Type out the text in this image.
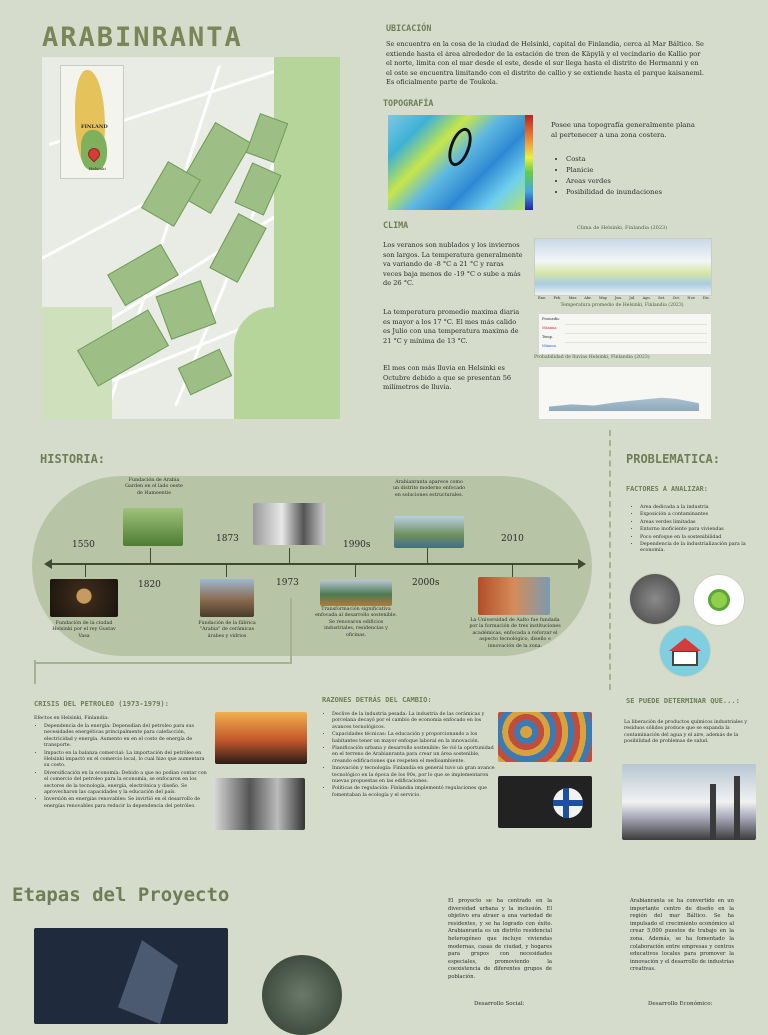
ARABINRANTA
FINLAND
Helsinki
UBICACIÓN
Se encuentra en la cosa de la ciudad de Helsinki, capital de Finlandia, cerca al Mar Báltico. Se extiende hasta el área alrededor de la estación de tren de Käpylä y el vecindario de Kallio por el norte, limita con el mar desde el este, desde el sur llega hasta el distrito de Hermanni y en el oste se encuentra limitando con el distrito de callio y se extiende hasta el parque kaisaneml. Es oficialmente parte de Toukola.
TOPOGRAFÍA
Posee una topografía generalmente plana al pertenecer a una zona costera.
• Costa
• Planicie
• Areas verdes
• Posibilidad de inundaciones
CLIMA
Los veranos son nublados y los inviernos son largos. La temperatura generalmente va variando de -8 °C a 21 °C y raras veces baja menos de -19 °C o sube a más de 26 °C.
La temperatura promedio maxima diaria es mayor a los 17 °C. El mes más calido es Julio con una temperatura maxima de 21 °C y mínima de 13 °C.
El mes con más lluvia en Helsinki es Octubre debido a que se presentan 56 milímetros de lluvia.
Clima de Helsinki, Finlandia (2023)
Ene. Feb. Mar. Abr. May. Jun. Jul. Ago. Set. Oct. Nov. Dic.
Temperatura promedio de Helsinki, Finlandia (2023)
Promedio
Máxima
Temp.
Mínima
Probabilidad de lluvias Helsinki, Finlandia (2023)
HISTORIA:
1550
1820
1873
1973
1990s
2000s
2010
Fundación de Arabia Garden en el lado oeste de Hameentie
Arabianranta aparece como un distrito moderno enfocado en soluciones estructurales.
Fundación de la ciudad Helsinki por el rey Gustav Vasa
Fundación de la fábrica "Arabia" de cerámicas árabes y vidrios
Transformación significativa enfocada al desarrollo sostenible. Se renovaron edificios industriales, residencias y oficinas.
La Universidad de Aalto fue fundada por la formación de tres instituciones académicas, enfocada a reforzar el aspecto tecnológico, diseño e innovación de la zona.
PROBLEMATICA:
FACTORES A ANALIZAR:
• Area dedicada a la industria
• Exposición a contaminantes
• Areas verdes limitadas
• Entorno inoficiente para viviendas
• Poco enfoque en la sostenibilidad
• Dependencia de la industrialización para la economía.
CRISIS DEL PETROLEO (1973-1979):
Efectos en Helsinki, Finlandia:
• Dependencia de la energía: Depensdían del petroleo para sus necesidades energéticas principalmente para calefacción, electricidad y energía. Aumento en en el costo de energía de transporte.
• Impacto en la balanza comercial: La importación del petróleo en Helsinki impactó en el comercio local, lo cual hizo que aumentara su costo.
• Diversificación en la economía: Debido a que no podían contar con el comercio del petroleo para la economía, se enfocaron en los sectores de la tecnología, energía, electrónica y diseño. Se aprovecharon las capacidades y la educación del país.
• Inversión en energías renovables: Se invirtió en el desarrollo de energías renovables para reducir la dependencia del petróleo.
RAZONES DETRÁS DEL CAMBIO:
• Declive de la industria pesada: La industria de las cerámicas y porcelana decayó por el cambio de economía enfocado en los avances tecnológicos.
• Capacidades técnicas: La educación y proporcionando a los habitantes tener un mayor enfoque laboral en la innovación.
• Planificación urbana y desarrollo sostenible: Se vió la oportunidad en el terreno de Arabianranta para crear un área sostenible, creando edificaciones que respeten el medioambiente.
• Innovación y tecnología: Finlandia en general tuvo un gran avance tecnológico en la época de los 90s, por lo que se implementaron nuevas propuestas en las edificaciones.
• Políticas de regulación: Finlandia implementó regulaciones que fomentaban la ecología y el servicio.
SE PUEDE DETERMINAR QUE...:
La liberación de productos químicos industriales y residuos sólidos produce que se expanda la contaminación del agua y el aire, además de la posibilidad de problemas de salud.
Etapas del Proyecto	El proyecto se ha centrado en la diversidad urbana y la inclusión. El objetivo era atraer a una variedad de residentes, y se ha logrado con éxito. Arabianranta es un distrito residencial heterogéneo que incluye viviendas modernas, casas de ciudad, y hogares para grupos con necesidades especiales, promoviendo la coexistencia de diferentes grupos de población.
Desarrollo Social:
Arabianranta se ha convertido en un importante centro de diseño en la región del mar Báltico. Se ha impulsado el crecimiento económico al crear 5,000 puestos de trabajo en la zona. Además, se ha fomentado la colaboración entre empresas y centros educativos locales para promover la innovación y el desarrollo de industrias creativas.
Desarrollo Económico:
